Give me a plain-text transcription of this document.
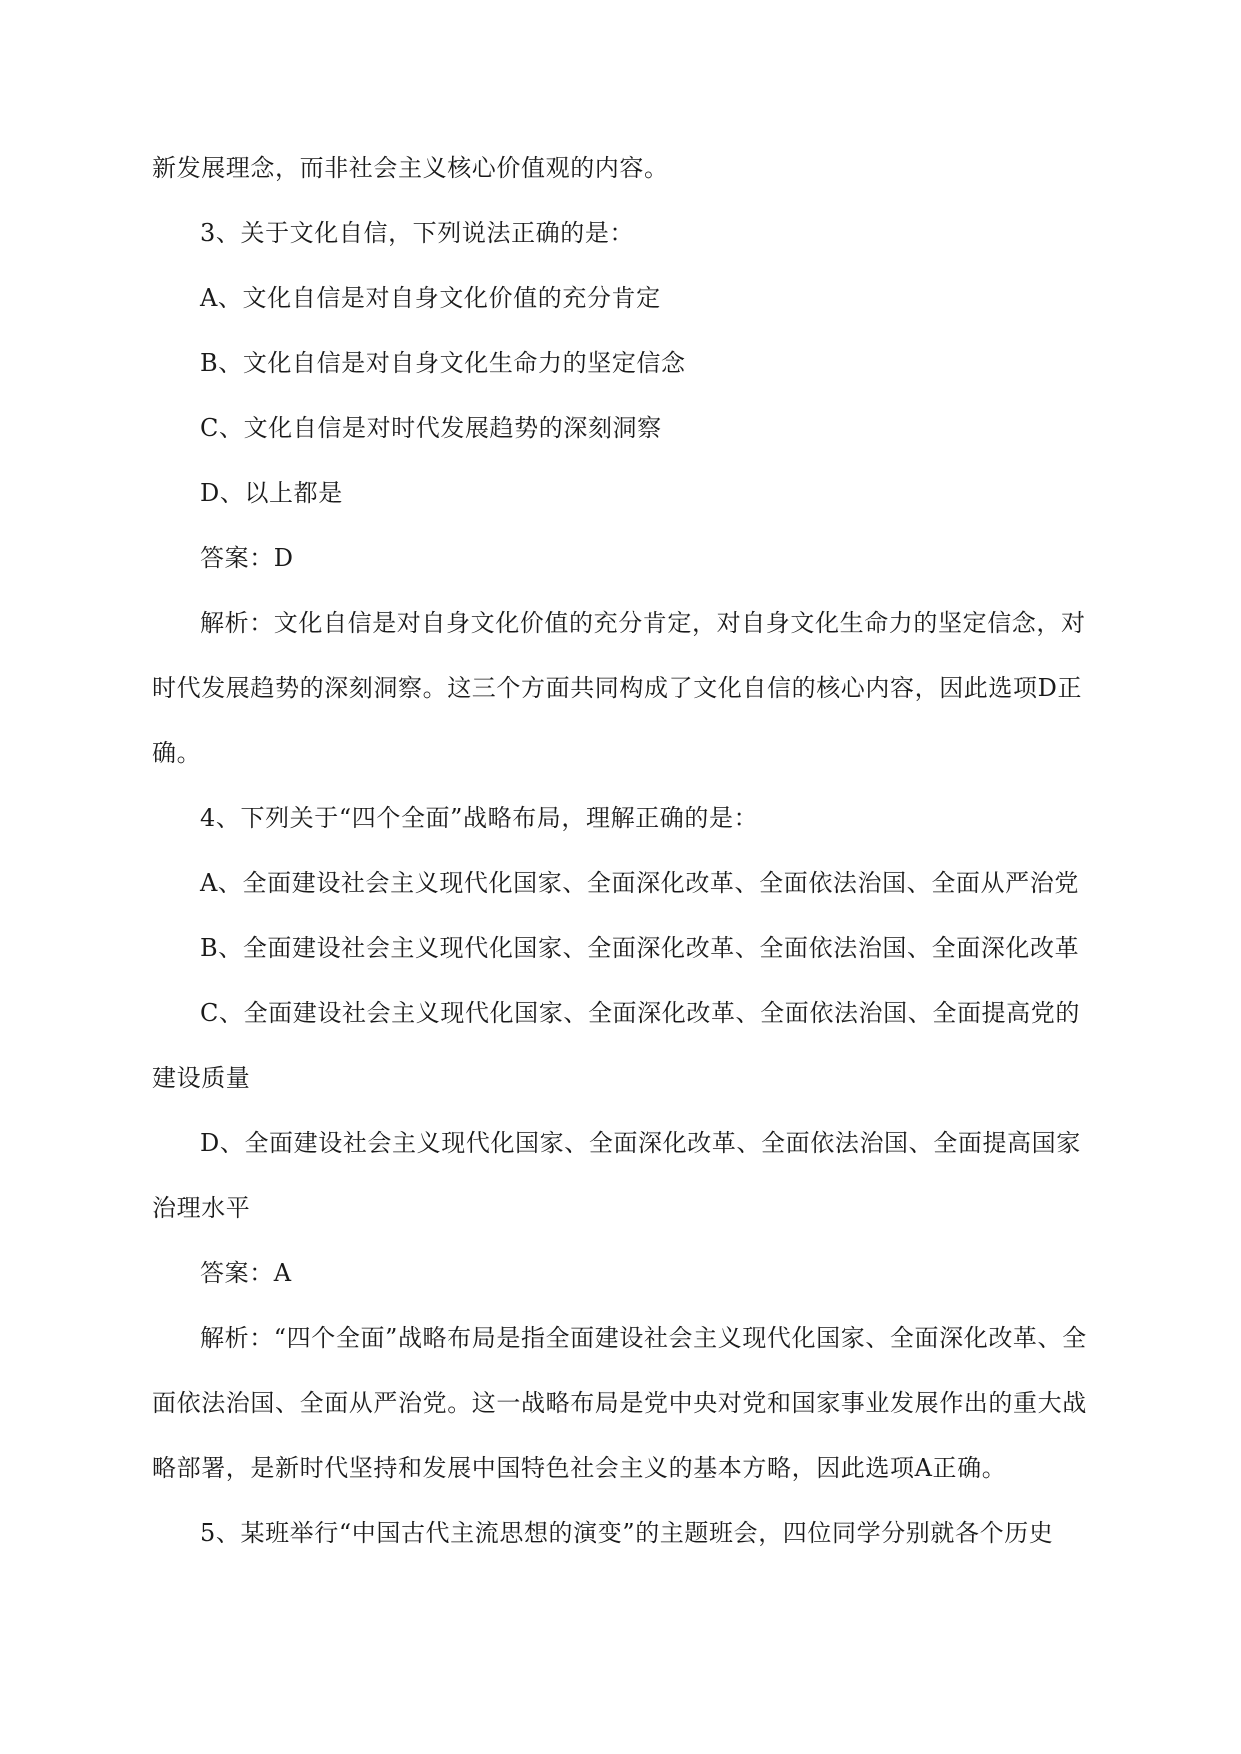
新发展理念，而非社会主义核心价值观的内容。

3、关于文化自信，下列说法正确的是：

A、文化自信是对自身文化价值的充分肯定

B、文化自信是对自身文化生命力的坚定信念

C、文化自信是对时代发展趋势的深刻洞察

D、以上都是

答案：D

解析：文化自信是对自身文化价值的充分肯定，对自身文化生命力的坚定信念，对时代发展趋势的深刻洞察。这三个方面共同构成了文化自信的核心内容，因此选项D正确。

4、下列关于“四个全面”战略布局，理解正确的是：

A、全面建设社会主义现代化国家、全面深化改革、全面依法治国、全面从严治党

B、全面建设社会主义现代化国家、全面深化改革、全面依法治国、全面深化改革

C、全面建设社会主义现代化国家、全面深化改革、全面依法治国、全面提高党的建设质量

D、全面建设社会主义现代化国家、全面深化改革、全面依法治国、全面提高国家治理水平

答案：A

解析：“四个全面”战略布局是指全面建设社会主义现代化国家、全面深化改革、全面依法治国、全面从严治党。这一战略布局是党中央对党和国家事业发展作出的重大战略部署，是新时代坚持和发展中国特色社会主义的基本方略，因此选项A正确。

5、某班举行“中国古代主流思想的演变”的主题班会，四位同学分别就各个历史
